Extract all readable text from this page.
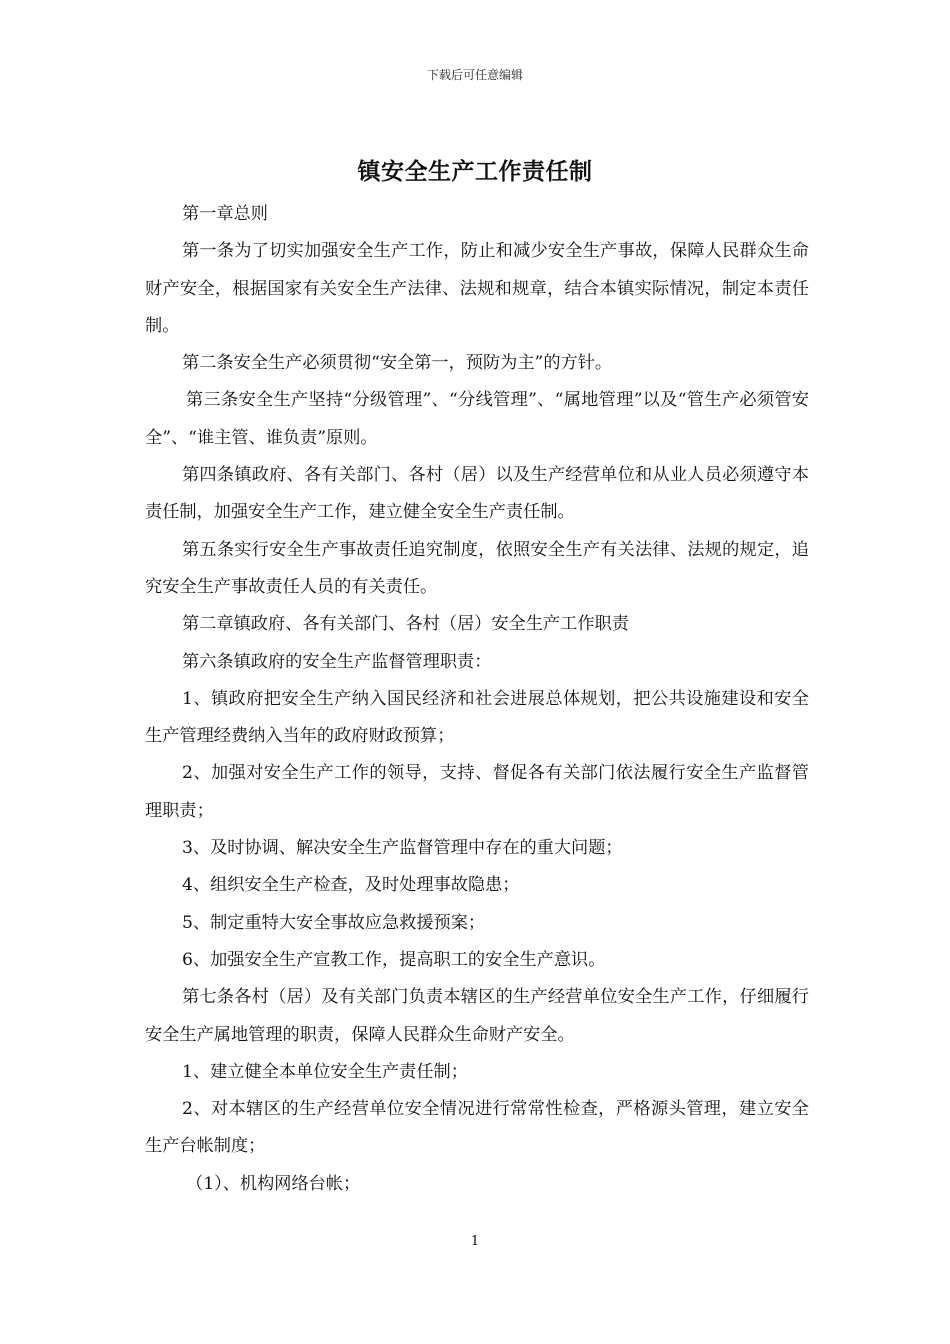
下载后可任意编辑
镇安全生产工作责任制

第一章总则

第一条为了切实加强安全生产工作，防止和减少安全生产事故，保障人民群众生命财产安全，根据国家有关安全生产法律、法规和规章，结合本镇实际情况，制定本责任制。

第二条安全生产必须贯彻“安全第一，预防为主”的方针。

第三条安全生产坚持“分级管理”、“分线管理”、“属地管理”以及“管生产必须管安全”、“谁主管、谁负责”原则。

第四条镇政府、各有关部门、各村（居）以及生产经营单位和从业人员必须遵守本责任制，加强安全生产工作，建立健全安全生产责任制。

第五条实行安全生产事故责任追究制度，依照安全生产有关法律、法规的规定，追究安全生产事故责任人员的有关责任。

第二章镇政府、各有关部门、各村（居）安全生产工作职责

第六条镇政府的安全生产监督管理职责：

1、镇政府把安全生产纳入国民经济和社会进展总体规划，把公共设施建设和安全生产管理经费纳入当年的政府财政预算；

2、加强对安全生产工作的领导，支持、督促各有关部门依法履行安全生产监督管理职责；

3、及时协调、解决安全生产监督管理中存在的重大问题；

4、组织安全生产检查，及时处理事故隐患；

5、制定重特大安全事故应急救援预案；

6、加强安全生产宣教工作，提高职工的安全生产意识。

第七条各村（居）及有关部门负责本辖区的生产经营单位安全生产工作，仔细履行安全生产属地管理的职责，保障人民群众生命财产安全。

1、建立健全本单位安全生产责任制；

2、对本辖区的生产经营单位安全情况进行常常性检查，严格源头管理，建立安全生产台帐制度；

（1）、机构网络台帐；

1
